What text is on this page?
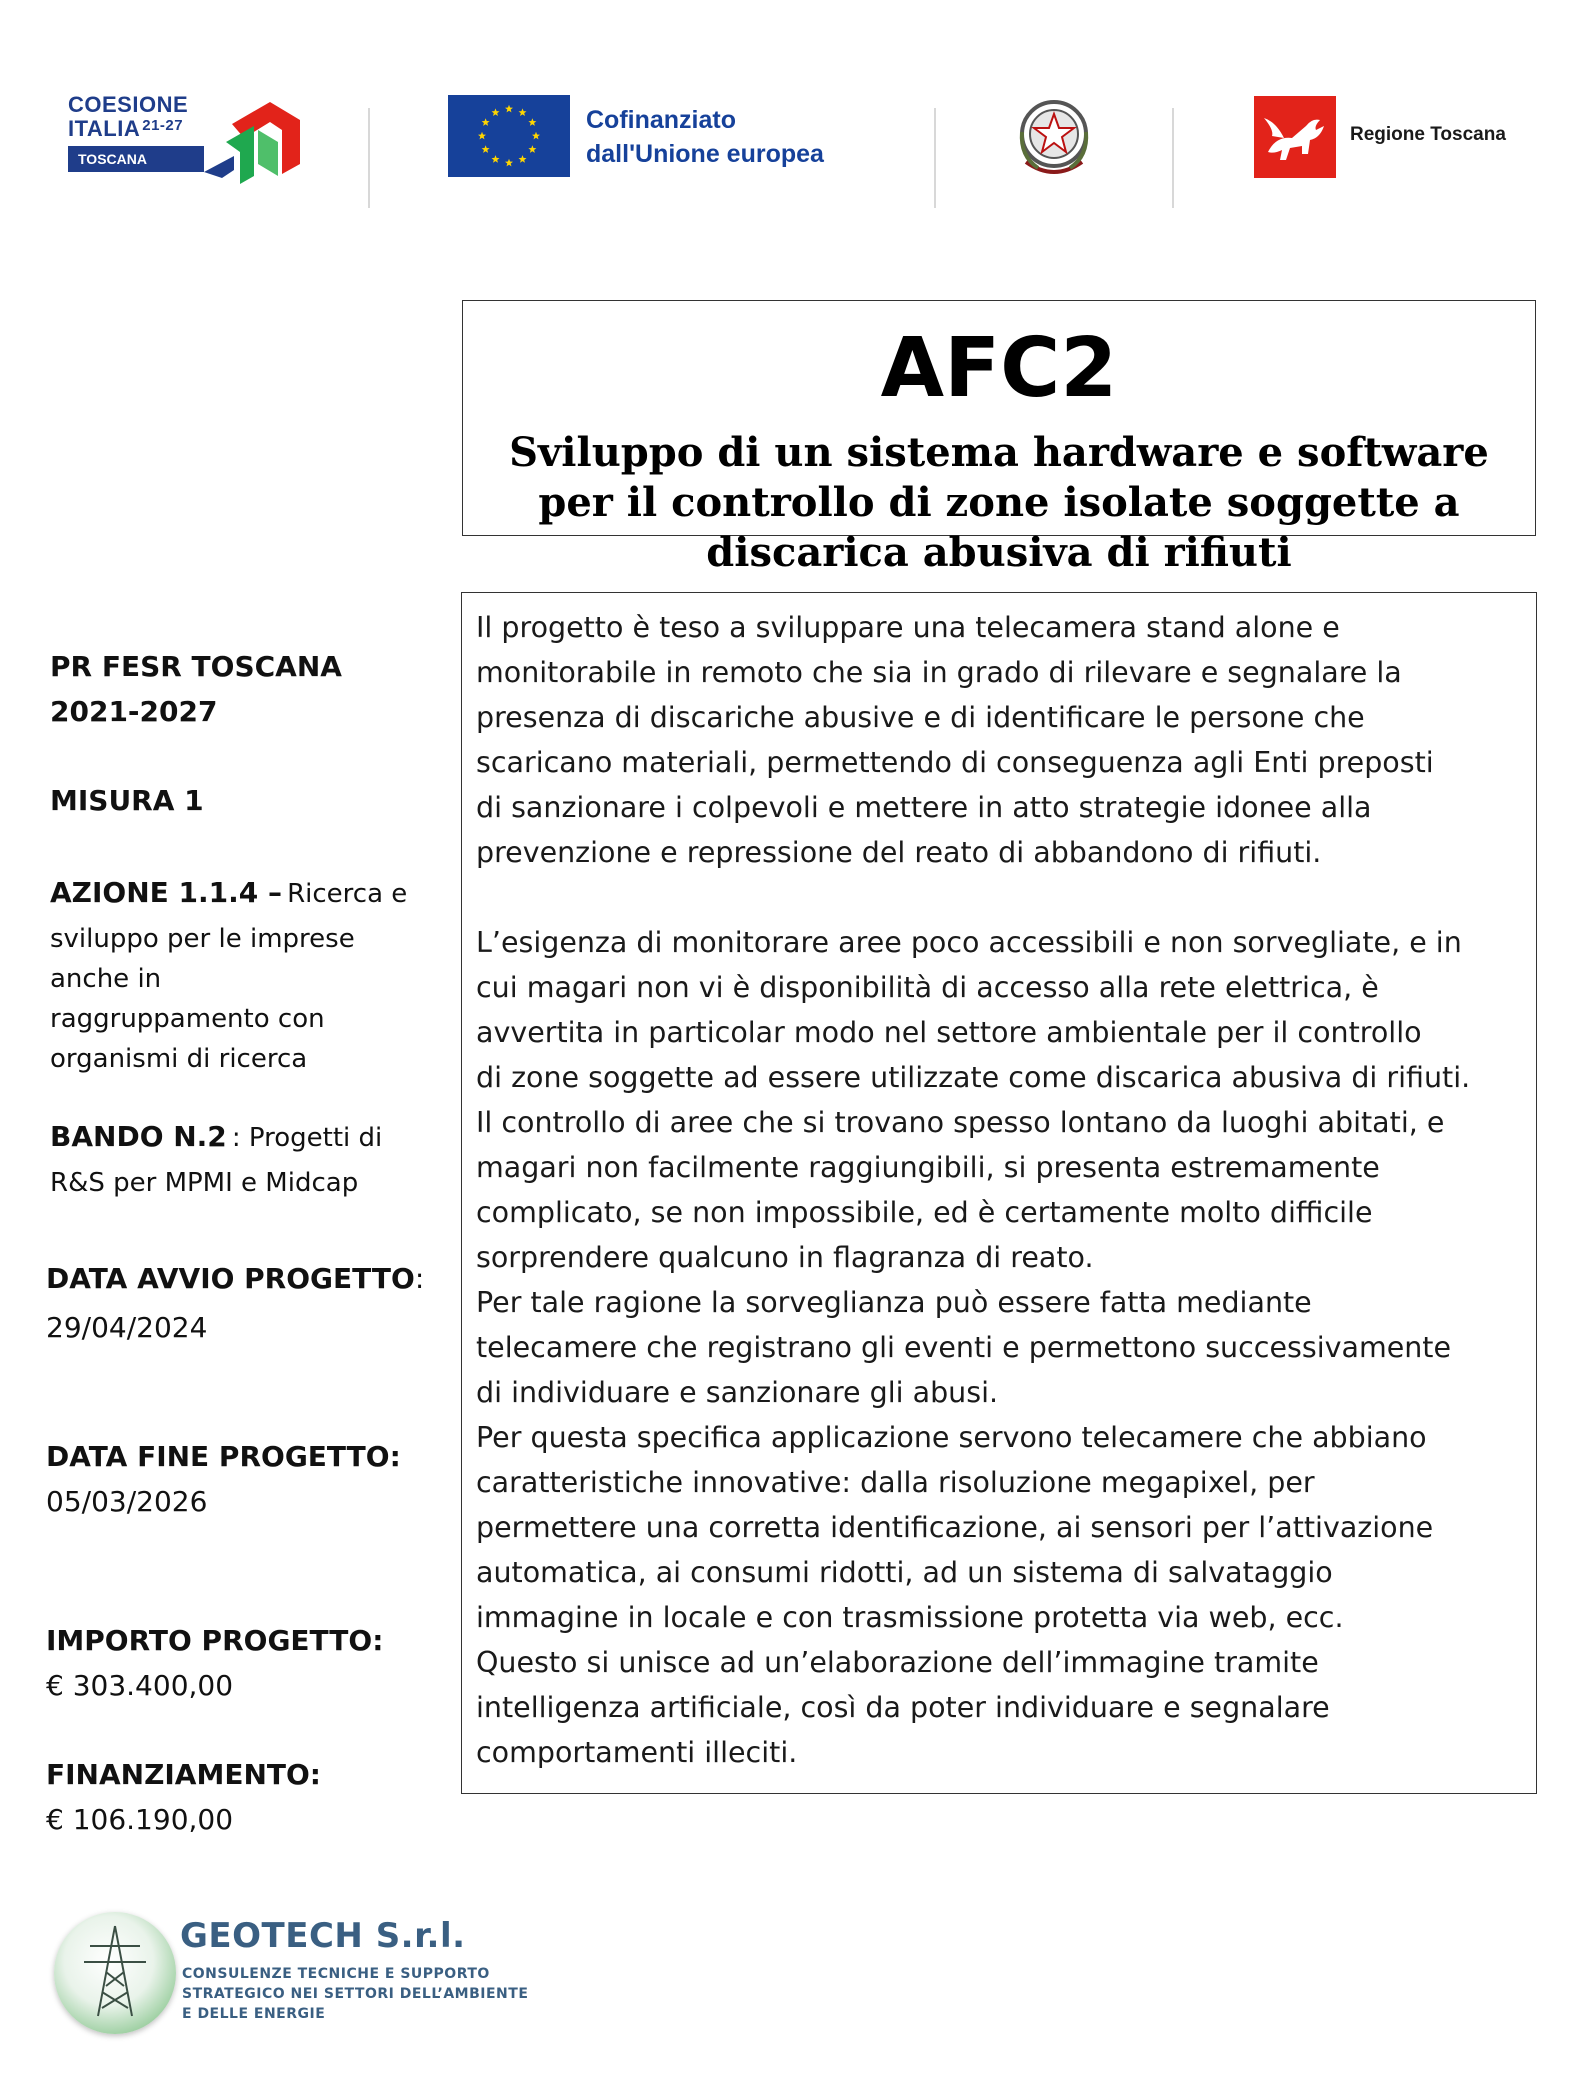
COESIONE
ITALIA $^{21-27}$
TOSCANA
Cofinanziato
dall'Unione europea
Regione Toscana
AFC2
Sviluppo di un sistema hardware e software
per il controllo di zone isolate soggette a
discarica abusiva di rifiuti
Il progetto è teso a sviluppare una telecamera stand alone e
monitorabile in remoto che sia in grado di rilevare e segnalare la
presenza di discariche abusive e di identificare le persone che
scaricano materiali, permettendo di conseguenza agli Enti preposti
di sanzionare i colpevoli e mettere in atto strategie idonee alla
prevenzione e repressione del reato di abbandono di rifiuti.
L’esigenza di monitorare aree poco accessibili e non sorvegliate, e in
cui magari non vi è disponibilità di accesso alla rete elettrica, è
avvertita in particolar modo nel settore ambientale per il controllo
di zone soggette ad essere utilizzate come discarica abusiva di rifiuti.
Il controllo di aree che si trovano spesso lontano da luoghi abitati, e
magari non facilmente raggiungibili, si presenta estremamente
complicato, se non impossibile, ed è certamente molto difficile
sorprendere qualcuno in flagranza di reato.
Per tale ragione la sorveglianza può essere fatta mediante
telecamere che registrano gli eventi e permettono successivamente
di individuare e sanzionare gli abusi.
Per questa specifica applicazione servono telecamere che abbiano
caratteristiche innovative: dalla risoluzione megapixel, per
permettere una corretta identificazione, ai sensori per l’attivazione
automatica, ai consumi ridotti, ad un sistema di salvataggio
immagine in locale e con trasmissione protetta via web, ecc.
Questo si unisce ad un’elaborazione dell’immagine tramite
intelligenza artificiale, così da poter individuare e segnalare
comportamenti illeciti.
PR FESR TOSCANA
2021-2027
MISURA 1
AZIONE 1.1.4 – Ricerca e
sviluppo per le imprese
anche in
raggruppamento con
organismi di ricerca
BANDO N.2 : Progetti di
R&S per MPMI e Midcap
DATA AVVIO PROGETTO:
29/04/2024
DATA FINE PROGETTO:
05/03/2026
IMPORTO PROGETTO:
€ 303.400,00
FINANZIAMENTO:
€ 106.190,00
GEOTECH S.r.l.
CONSULENZE TECNICHE E SUPPORTO
STRATEGICO NEI SETTORI DELL’AMBIENTE
E DELLE ENERGIE
